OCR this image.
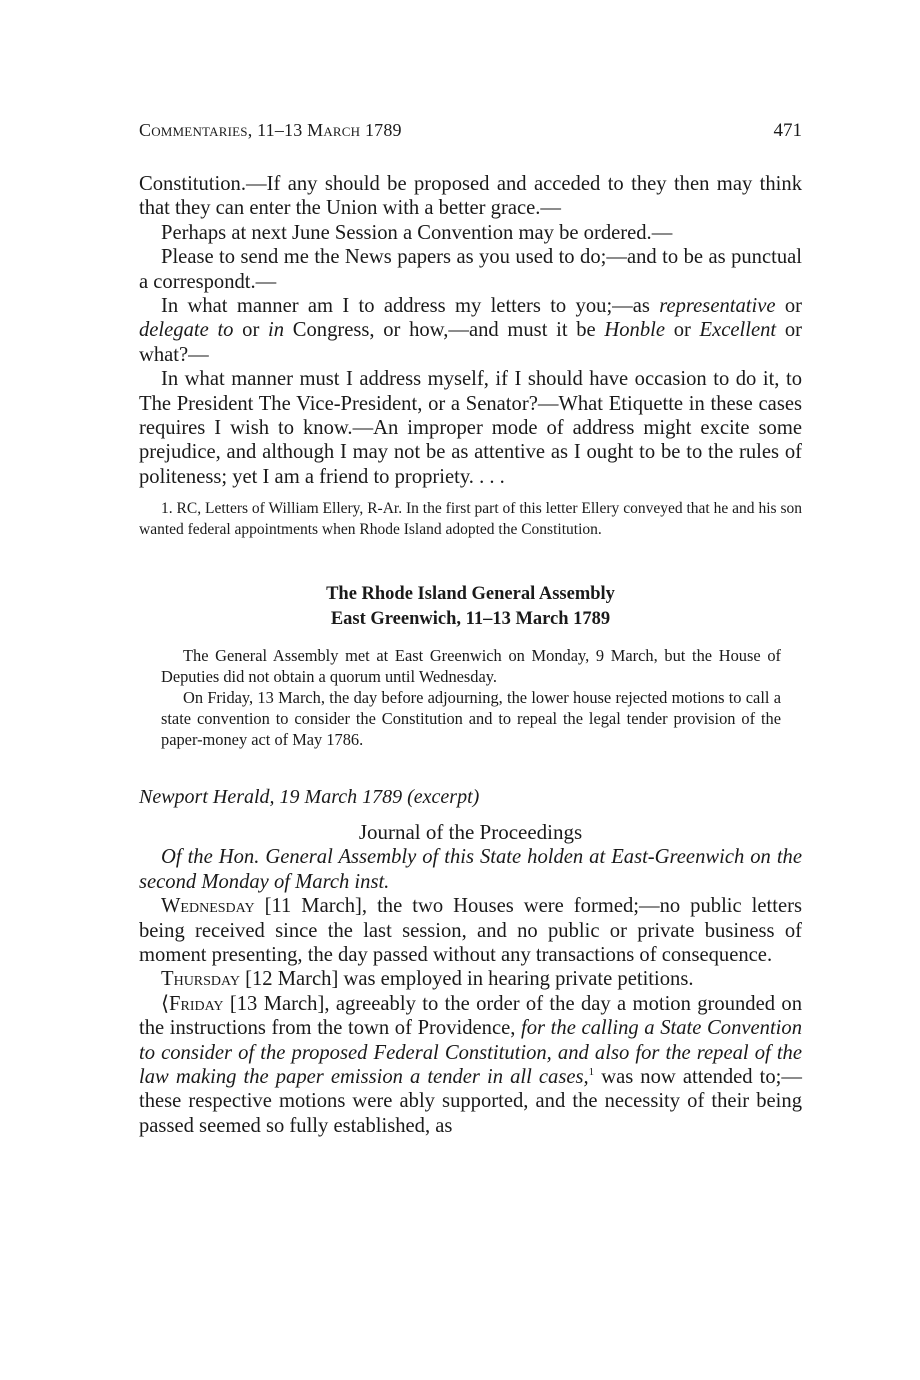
Commentaries, 11–13 March 1789	471

Constitution.—If any should be proposed and acceded to they then may think that they can enter the Union with a better grace.—

Perhaps at next June Session a Convention may be ordered.—

Please to send me the News papers as you used to do;—and to be as punctual a correspondt.—

In what manner am I to address my letters to you;—as representative or delegate to or in Congress, or how,—and must it be Honble or Excellent or what?—

In what manner must I address myself, if I should have occasion to do it, to The President The Vice-President, or a Senator?—What Etiquette in these cases requires I wish to know.—An improper mode of address might excite some prejudice, and although I may not be as attentive as I ought to be to the rules of politeness; yet I am a friend to propriety. . . .

1. RC, Letters of William Ellery, R-Ar. In the first part of this letter Ellery conveyed that he and his son wanted federal appointments when Rhode Island adopted the Constitution.
The Rhode Island General Assembly
East Greenwich, 11–13 March 1789

The General Assembly met at East Greenwich on Monday, 9 March, but the House of Deputies did not obtain a quorum until Wednesday.

On Friday, 13 March, the day before adjourning, the lower house rejected motions to call a state convention to consider the Constitution and to repeal the legal tender provision of the paper-money act of May 1786.

Newport Herald, 19 March 1789 (excerpt)
Journal of the Proceedings

Of the Hon. General Assembly of this State holden at East-Greenwich on the second Monday of March inst.

Wednesday [11 March], the two Houses were formed;—no public letters being received since the last session, and no public or private business of moment presenting, the day passed without any transactions of consequence.

Thursday [12 March] was employed in hearing private petitions.

⟨Friday [13 March], agreeably to the order of the day a motion grounded on the instructions from the town of Providence, for the calling a State Convention to consider of the proposed Federal Constitution, and also for the repeal of the law making the paper emission a tender in all cases,$^1$ was now attended to;—these respective motions were ably supported, and the necessity of their being passed seemed so fully established, as
